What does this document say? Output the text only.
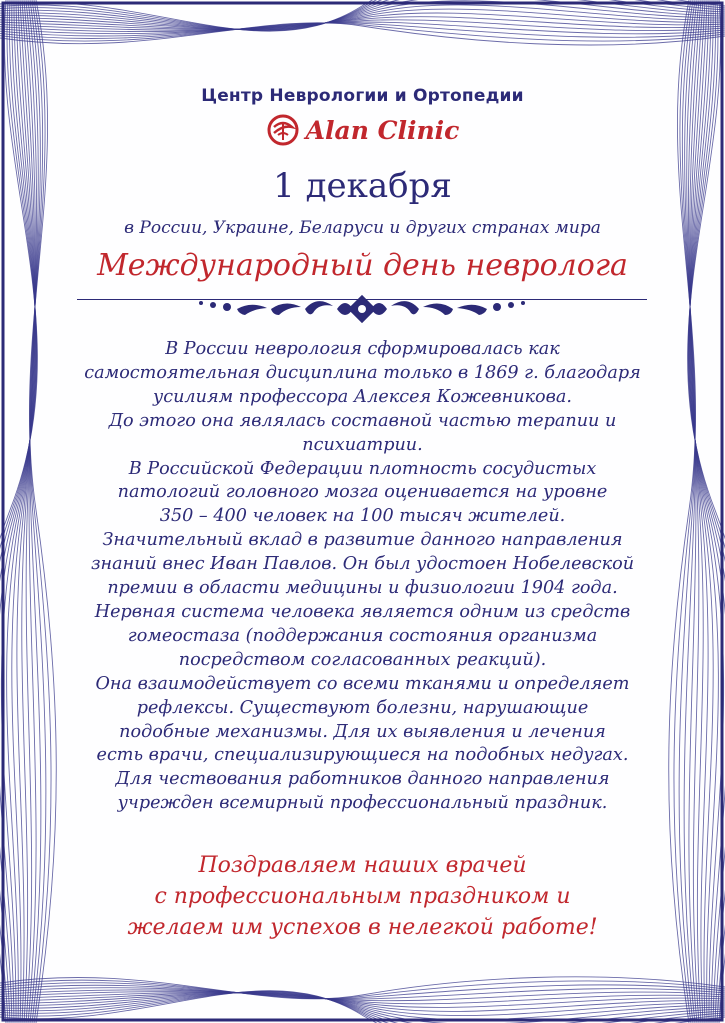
Центр Неврологии и Ортопедии
Alan Clinic
1 декабря
в России, Украине, Беларуси и других странах мира
Международный день невролога
В России неврология сформировалась как
самостоятельная дисциплина только в 1869 г. благодаря
усилиям профессора Алексея Кожевникова.
До этого она являлась составной частью терапии и
психиатрии.
В Российской Федерации плотность сосудистых
патологий головного мозга оценивается на уровне
350 – 400 человек на 100 тысяч жителей.
Значительный вклад в развитие данного направления
знаний внес Иван Павлов. Он был удостоен Нобелевской
премии в области медицины и физиологии 1904 года.
Нервная система человека является одним из средств
гомеостаза (поддержания состояния организма
посредством согласованных реакций).
Она взаимодействует со всеми тканями и определяет
рефлексы. Существуют болезни, нарушающие
подобные механизмы. Для их выявления и лечения
есть врачи, специализирующиеся на подобных недугах.
Для чествования работников данного направления
учрежден всемирный профессиональный праздник.
Поздравляем наших врачей
с профессиональным праздником и
желаем им успехов в нелегкой работе!
